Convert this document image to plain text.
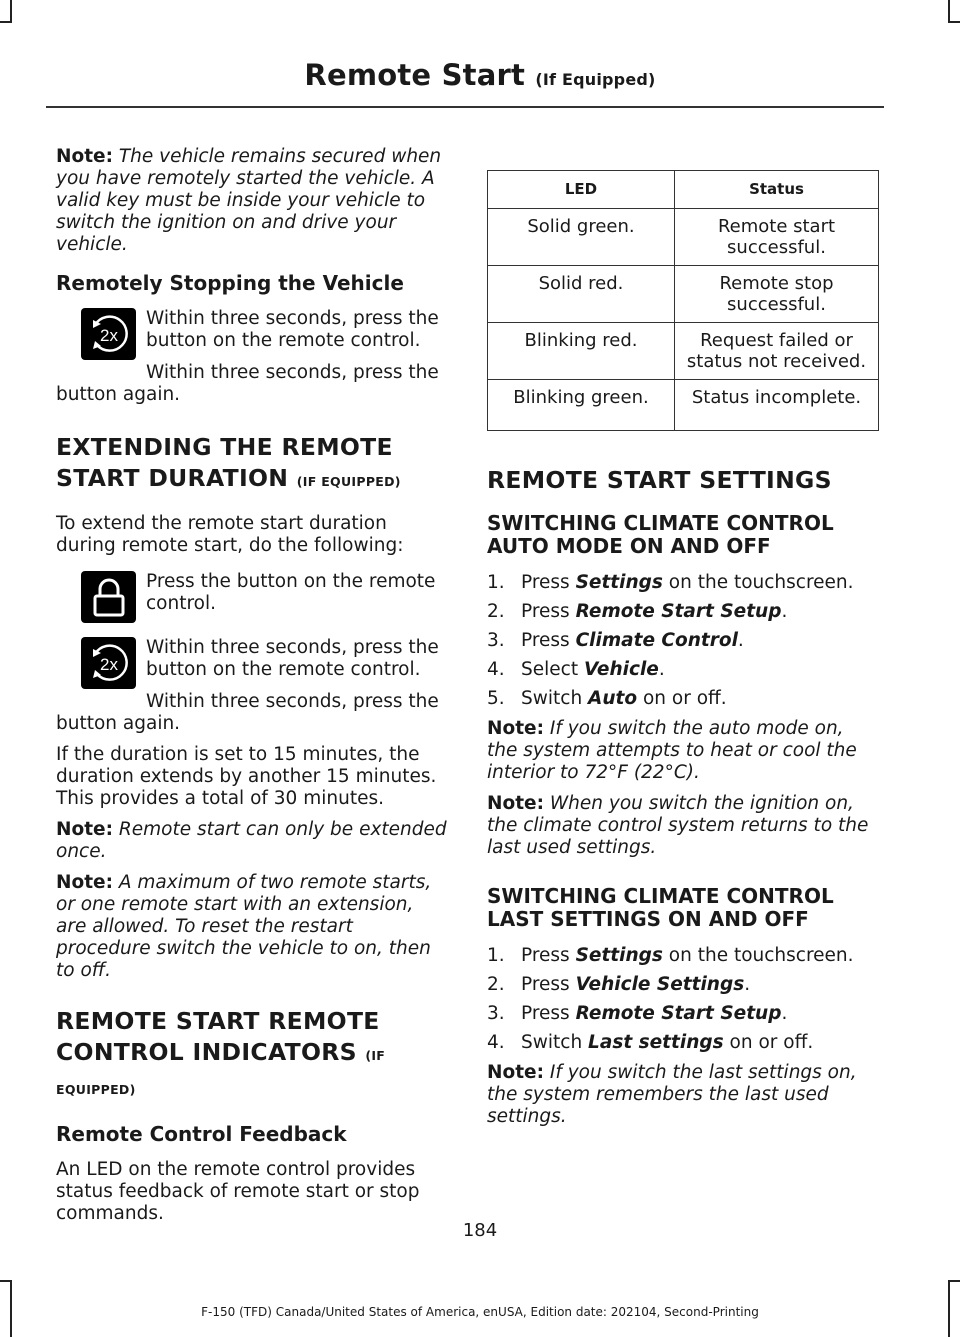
Remote Start (If Equipped)

Note: The vehicle remains secured when you have remotely started the vehicle. A valid key must be inside your vehicle to switch the ignition on and drive your vehicle.

Remotely Stopping the Vehicle
2x

Within three seconds, press the button on the remote control.

Within three seconds, press the button again.

EXTENDING THE REMOTE
START DURATION (IF EQUIPPED)

To extend the remote start duration during remote start, do the following:

Press the button on the remote control.

2x

Within three seconds, press the button on the remote control.

Within three seconds, press the button again.

If the duration is set to 15 minutes, the duration extends by another 15 minutes. This provides a total of 30 minutes.

Note: Remote start can only be extended once.

Note: A maximum of two remote starts, or one remote start with an extension, are allowed. To reset the restart procedure switch the vehicle to on, then to off.

REMOTE START REMOTE
CONTROL INDICATORS (IF
EQUIPPED)
Remote Control Feedback

An LED on the remote control provides status feedback of remote start or stop commands.

LED	Status
Solid green.	Remote start successful.
Solid red.	Remote stop successful.
Blinking red.	Request failed or status not received.
Blinking green.	Status incomplete.
REMOTE START SETTINGS
SWITCHING CLIMATE CONTROL AUTO MODE ON AND OFF
1. Press Settings on the touchscreen.
2. Press Remote Start Setup.
3. Press Climate Control.
4. Select Vehicle.
5. Switch Auto on or off.

Note: If you switch the auto mode on, the system attempts to heat or cool the interior to 72°F (22°C).

Note: When you switch the ignition on, the climate control system returns to the last used settings.

SWITCHING CLIMATE CONTROL LAST SETTINGS ON AND OFF
1. Press Settings on the touchscreen.
2. Press Vehicle Settings.
3. Press Remote Start Setup.
4. Switch Last settings on or off.

Note: If you switch the last settings on, the system remembers the last used settings.

184
F-150 (TFD) Canada/United States of America, enUSA, Edition date: 202104, Second-Printing
